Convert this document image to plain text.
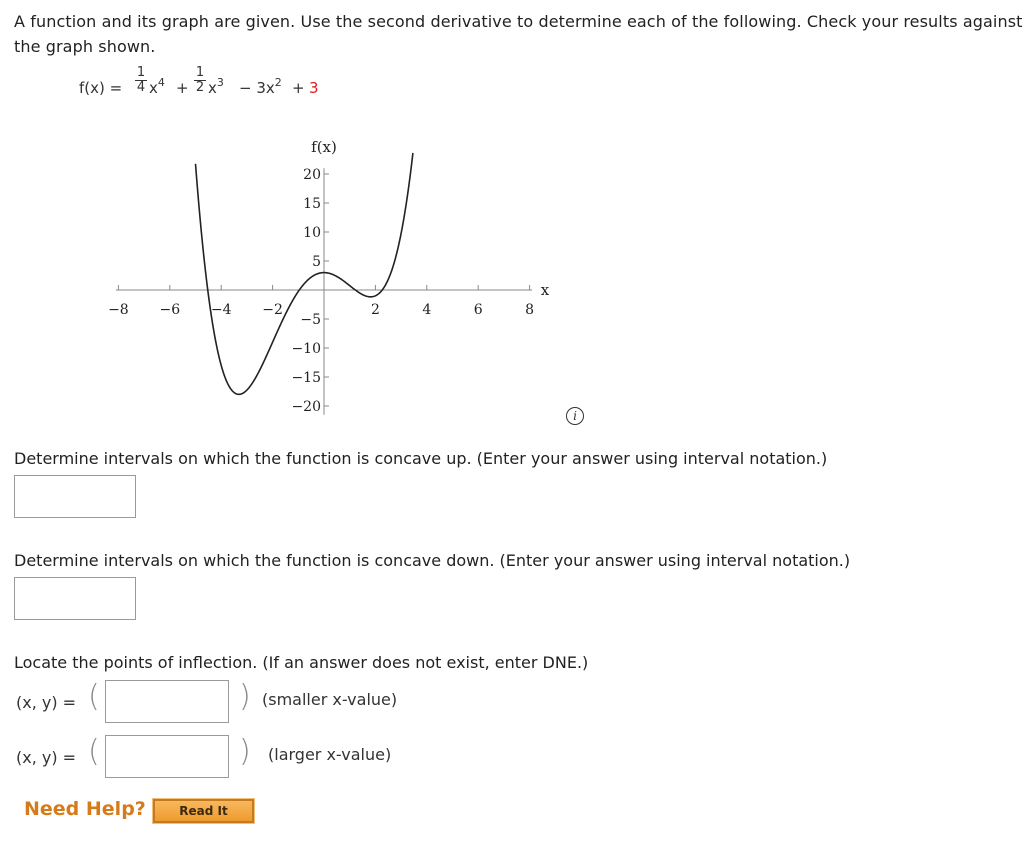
A function and its graph are given. Use the second derivative to determine each of the following. Check your results against
the graph shown.
f(x) =
1
4 $x^4$ +
1
2 $x^3 - 3x^2 + 3$
−8 −6 −4 −2	2	4	6	8
20
15
10
5
−5
−10
−15
−20
f(x)
x
i
Determine intervals on which the function is concave up. (Enter your answer using interval notation.)
Determine intervals on which the function is concave down. (Enter your answer using interval notation.)
Locate the points of inflection. (If an answer does not exist, enter DNE.)
(x, y) = (	) (smaller x-value)
(x, y) = (	) (larger x-value)
Need Help?	Read It
